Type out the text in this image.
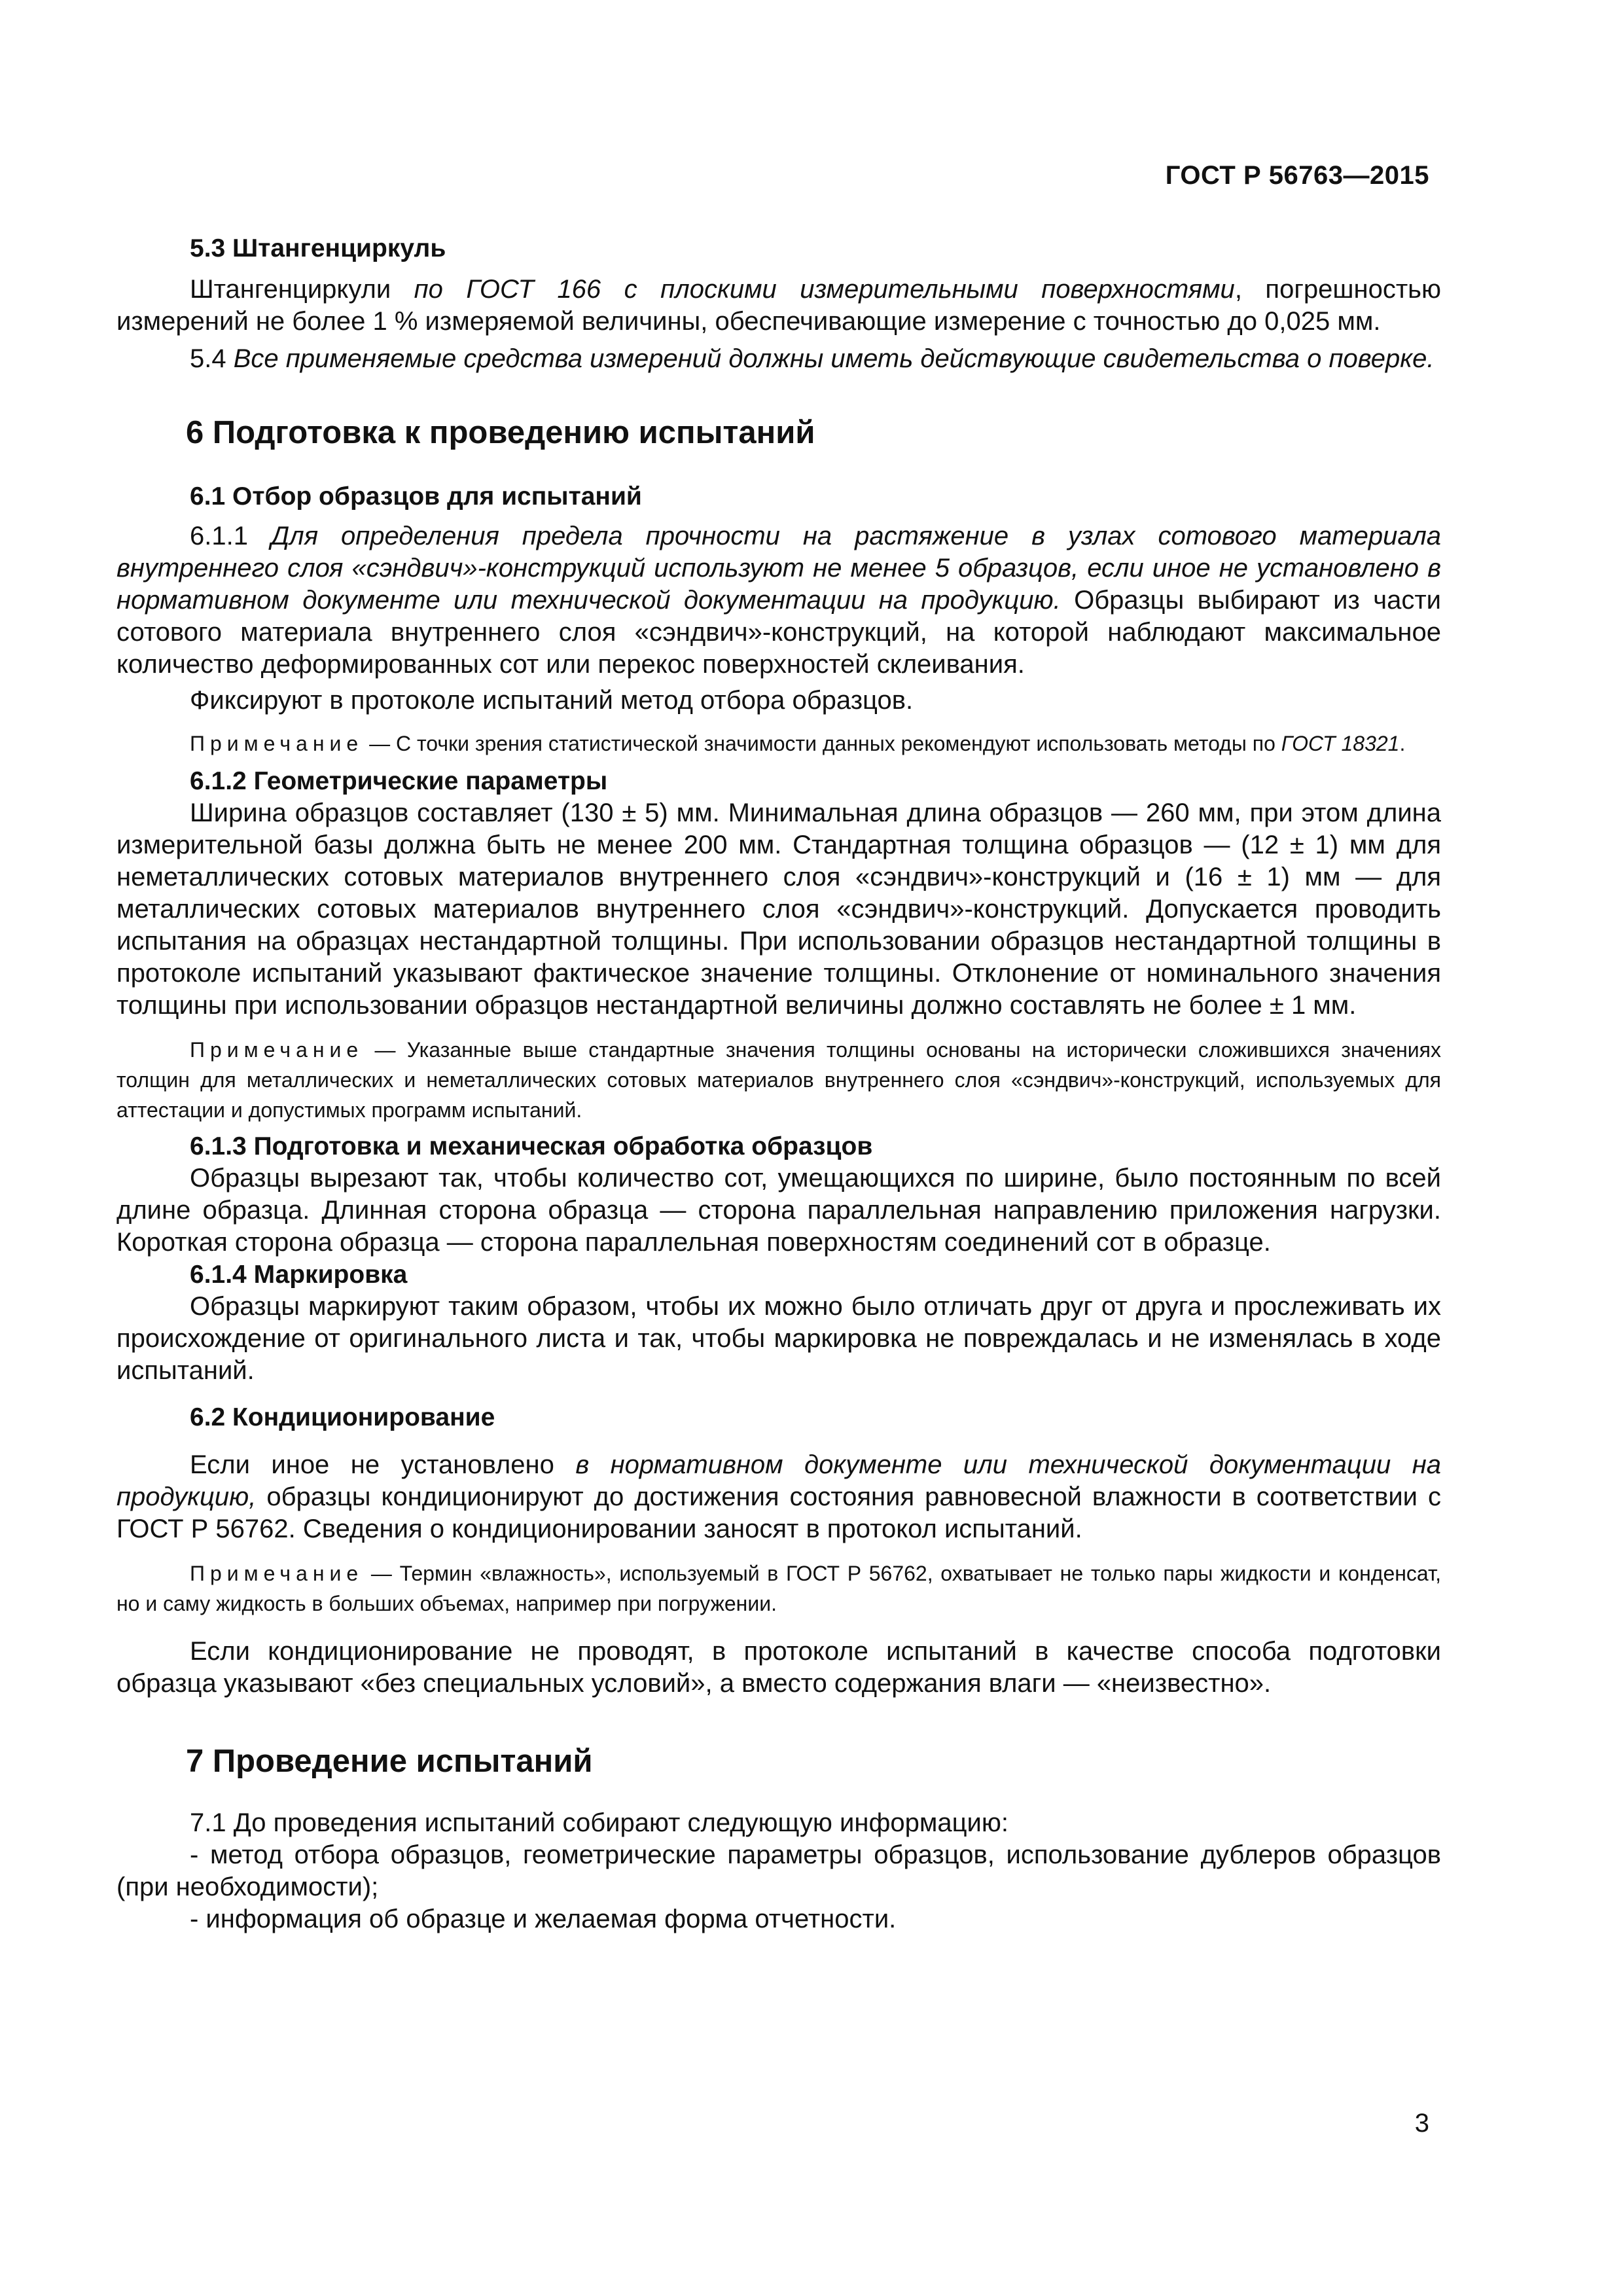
ГОСТ Р 56763—2015
5.3 Штангенциркуль

Штангенциркули по ГОСТ 166 с плоскими измерительными поверхностями, погрешностью измерений не более 1 % измеряемой величины, обеспечивающие измерение с точностью до 0,025 мм.

5.4 Все применяемые средства измерений должны иметь действующие свидетельства о поверке.

6 Подготовка к проведению испытаний
6.1 Отбор образцов для испытаний

6.1.1 Для определения предела прочности на растяжение в узлах сотового материала внутреннего слоя «сэндвич»-конструкций используют не менее 5 образцов, если иное не установлено в нормативном документе или технической документации на продукцию. Образцы выбирают из части сотового материала внутреннего слоя «сэндвич»-конструкций, на которой наблюдают максимальное количество деформированных сот или перекос поверхностей склеивания.

Фиксируют в протоколе испытаний метод отбора образцов.

Примечание — С точки зрения статистической значимости данных рекомендуют использовать методы по ГОСТ 18321.

6.1.2 Геометрические параметры

Ширина образцов составляет (130 ± 5) мм. Минимальная длина образцов — 260 мм, при этом длина измерительной базы должна быть не менее 200 мм. Стандартная толщина образцов — (12 ± 1) мм для неметаллических сотовых материалов внутреннего слоя «сэндвич»-конструкций и (16 ± 1) мм — для металлических сотовых материалов внутреннего слоя «сэндвич»-конструкций. Допускается проводить испытания на образцах нестандартной толщины. При использовании образцов нестандартной толщины в протоколе испытаний указывают фактическое значение толщины. Отклонение от номинального значения толщины при использовании образцов нестандартной величины должно составлять не более ± 1 мм.

Примечание — Указанные выше стандартные значения толщины основаны на исторически сложившихся значениях толщин для металлических и неметаллических сотовых материалов внутреннего слоя «сэндвич»-конструкций, используемых для аттестации и допустимых программ испытаний.

6.1.3 Подготовка и механическая обработка образцов

Образцы вырезают так, чтобы количество сот, умещающихся по ширине, было постоянным по всей длине образца. Длинная сторона образца — сторона параллельная направлению приложения нагрузки. Короткая сторона образца — сторона параллельная поверхностям соединений сот в образце.

6.1.4 Маркировка

Образцы маркируют таким образом, чтобы их можно было отличать друг от друга и прослеживать их происхождение от оригинального листа и так, чтобы маркировка не повреждалась и не изменялась в ходе испытаний.

6.2 Кондиционирование

Если иное не установлено в нормативном документе или технической документации на продукцию, образцы кондиционируют до достижения состояния равновесной влажности в соответствии с ГОСТ Р 56762. Сведения о кондиционировании заносят в протокол испытаний.

Примечание — Термин «влажность», используемый в ГОСТ Р 56762, охватывает не только пары жидкости и конденсат, но и саму жидкость в больших объемах, например при погружении.

Если кондиционирование не проводят, в протоколе испытаний в качестве способа подготовки образца указывают «без специальных условий», а вместо содержания влаги — «неизвестно».

7 Проведение испытаний

7.1 До проведения испытаний собирают следующую информацию:

- метод отбора образцов, геометрические параметры образцов, использование дублеров образцов (при необходимости);

- информация об образце и желаемая форма отчетности.

3
